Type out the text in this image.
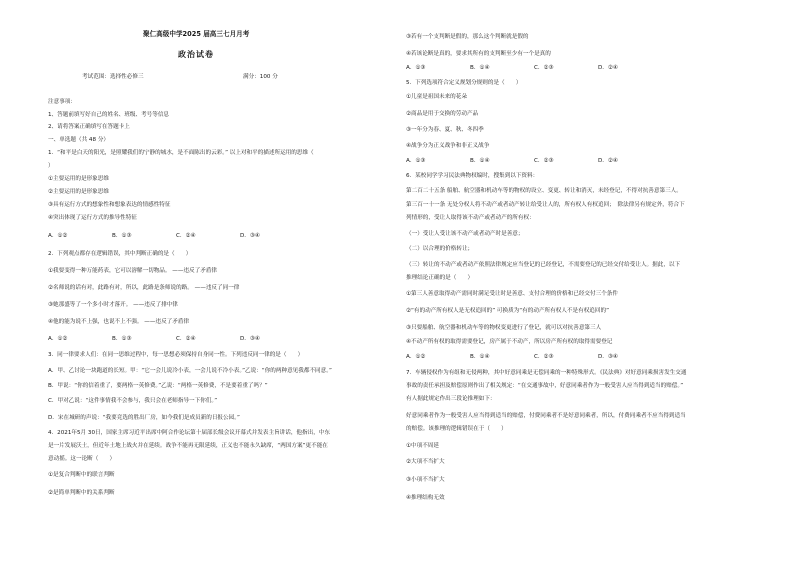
聚仁高级中学2025 届高三七月月考
政治试卷
考试范围：选择性必修三	满分：100 分
注意事项：
1、答题前填写好自己的姓名、班级、考号等信息
2、请将答案正确填写在答题卡上
一、单选题（共 48 分）
1．“和平是白天的阳光，是照耀我们的宁静的城水，是不面陈出的云彩。” 以上对和平的描述所运用的思维（
）
①主要运用的是形象思维
②主要运用的是形象思维
③具有运行方式的想象性和想象表达的情感性特征
④突出体现了运行方式的推导性特征
A．①②	B．①③	C．②④	D．③④
2．下列观点都存在逻辑错误，其中判断正确的是（　　）
①我要变得一种万能药表，它可以溶解一切物品。 ——违反了矛盾律
②名师说的话有对，此路有对，所以，此路是条师说的路。 ——违反了同一律
③她那盛等了一个多小时才落开。 ——违反了排中律
④他的能为说不上强，也说不上不强。 ——违反了矛盾律
A．①②	B．①③	C．②④	D．③④
3．同一律要求人们：在同一思维过程中，每一思想必须保持自身同一性。下列违反同一律的是（　　）
A．甲、乙讨论一块跑道的长短。甲：“它一会儿说冷小表，一会儿说不冷小表。”乙说：“你的两种意见我都不同意。”
B．甲说：“你的信着重了，要两格一英修费。”乙说：“两格一英修费，不是要着重了吗？”
C．甲对乙说：“这件事情我不会参与，我只会在老师指导一下你们。”
D．宋在城研的声说：“我要竞选的胜出厂房，如今我们是成员新的日报公园。”
4．2021年5月 30日，国家主席习近平出席中阿合作论坛第十届部长级会议开幕式并发表主旨讲话，他指出，中东
是一片发展沃土，但近年土地上战火并在延续。战争不能再无限延续，正义也不能永久缺席，“两国方案”更不能在
意动摇。这一论断（　　）
①是复合判断中的联言判断
②是简单判断中的关系判断
③若有一个支判断是假的，那么这个判断就是假的
④若该论断是真的，要求其所有的支判断至少有一个是真的
A．①③	B．①④	C．②③	D．②④
5．下列选项符合定义规划分规则的是（　　）
①儿童是祖国未来的花朵
②商品是用于交换的劳动产品
③一年分为春、夏、秋、冬四季
④战争分为正义战争和非正义战争
A．①③	B．①④	C．②③	D．②④
6．某校同学学习民法典物权编时，搜集到以下资料：
第二百二十五条 船舶、航空器和机动车等的物权的设立、变更、转让和消灭，未经登记，不得对抗善意第三人。
第三百一十一条 无处分权人将不动产或者动产转让给受让人的，所有权人有权追回；　除法律另有规定外，符合下
列情形的，受让人取得该不动产或者动产的所有权：
（一）受让人受让该不动产或者动产时是善意；
（二）以合理的价格转让；
（三）转让的不动产或者动产依照法律规定应当登记的已经登记，不需要登记的已经交付给受让人。据此，以下
推理结论正确的是（　　）
①第三人善意取得动产需同时满足受让时是善意、支付合理的价格和已经交付三个条件
②“有的动产所有权人是无权追回的” 可换质为“有的动产所有权人不是有权追回的”
③只要船舶、航空器和机动车等的物权变更进行了登记，就可以对抗善意第三人
④不动产所有权的取得需要登记，房产属于不动产，所以房产所有权的取得需要登记
A．①②	B．①④	C．②③	D．③④
7．车辆侵权作为有组和无侵两种，其中好意同乘是无偿同乘的一种特殊形式。《民法典》对好意同乘损害发生交通
事故的责任承担及赔偿原则作出了相关规定：“在交通事故中，好意同乘者作为一般受害人应当得到适当的赔偿。”
有人据此规定作出三段论推理如下：
好意同乘者作为一般受害人应当得到适当的赔偿，付费同乘者不是好意同乘者，所以，付费同乘者不应当得到适当
的赔偿。该推理的逻辑错误在于（　　）
①中项不周延
②大项不当扩大
③小项不当扩大
④推理结构无效
